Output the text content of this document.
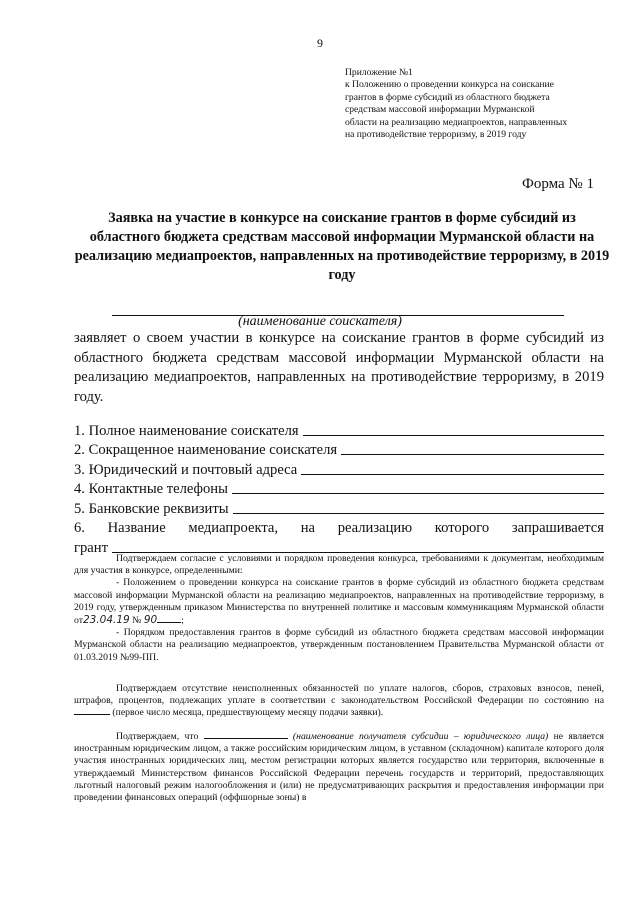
9
Приложение №1
к Положению о проведении конкурса на соискание
грантов в форме субсидий из областного бюджета
средствам массовой информации Мурманской
области на реализацию медиапроектов, направленных
на противодействие терроризму, в 2019 году
Форма № 1
Заявка на участие в конкурсе на соискание грантов в форме субсидий из областного бюджета средствам массовой информации Мурманской области на реализацию медиапроектов, направленных на противодействие терроризму, в 2019 году
(наименование соискателя)
заявляет о своем участии в конкурсе на соискание грантов в форме субсидий из областного бюджета средствам массовой информации Мурманской области на реализацию медиапроектов, направленных на противодействие терроризму, в 2019 году.
1. Полное наименование соискателя
2. Сокращенное наименование соискателя
3. Юридический и почтовый адреса
4. Контактные телефоны
5. Банковские реквизиты
6. Название медиапроекта, на реализацию которого запрашивается
грант

Подтверждаем согласие с условиями и порядком проведения конкурса, требованиями к документам, необходимым для участия в конкурсе, определенными:

- Положением о проведении конкурса на соискание грантов в форме субсидий из областного бюджета средствам массовой информации Мурманской области на реализацию медиапроектов, направленных на противодействие терроризму, в 2019 году, утвержденным приказом Министерства по внутренней политике и массовым коммуникациям Мурманской области от23.04.19 № 90 ;

- Порядком предоставления грантов в форме субсидий из областного бюджета средствам массовой информации Мурманской области на реализацию медиапроектов, утвержденным постановлением Правительства Мурманской области от 01.03.2019 №99-ПП.

Подтверждаем отсутствие неисполненных обязанностей по уплате налогов, сборов, страховых взносов, пеней, штрафов, процентов, подлежащих уплате в соответствии с законодательством Российской Федерации по состоянию на  (первое число месяца, предшествующему месяцу подачи заявки).

Подтверждаем, что	(наименование получателя субсидии – юридического лица) не является иностранным юридическим лицом, а также российским юридическим лицом, в уставном (складочном) капитале которого доля участия иностранных юридических лиц, местом регистрации которых является государство или территория, включенные в утверждаемый Министерством финансов Российской Федерации перечень государств и территорий, предоставляющих льготный налоговый режим налогообложения и (или) не предусматривающих раскрытия и предоставления информации при проведении финансовых операций (оффшорные зоны) в
